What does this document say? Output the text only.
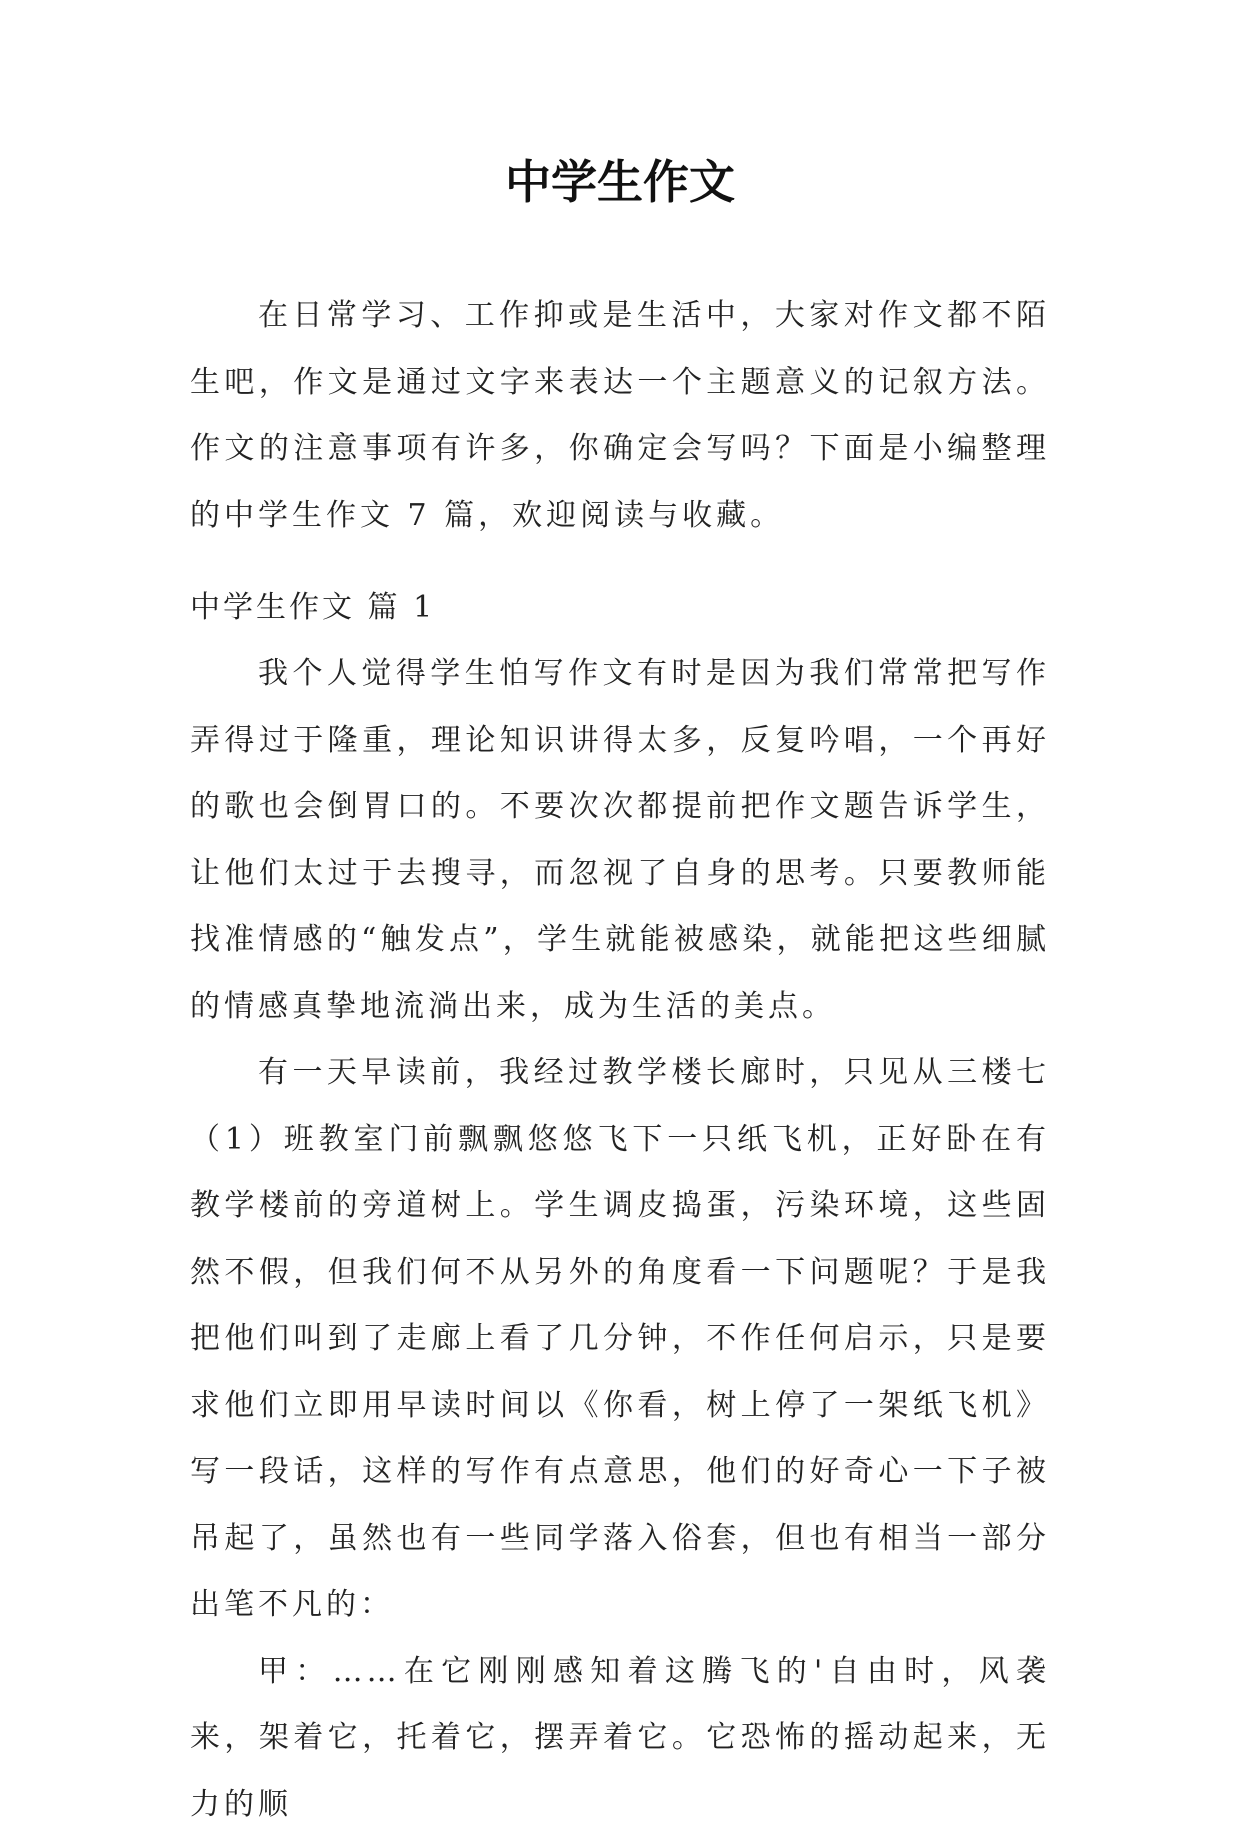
中学生作文

在日常学习、工作抑或是生活中，大家对作文都不陌生吧，作文是通过文字来表达一个主题意义的记叙方法。作文的注意事项有许多，你确定会写吗？下面是小编整理的中学生作文 7 篇，欢迎阅读与收藏。

中学生作文 篇 1

我个人觉得学生怕写作文有时是因为我们常常把写作弄得过于隆重，理论知识讲得太多，反复吟唱，一个再好的歌也会倒胃口的。不要次次都提前把作文题告诉学生，让他们太过于去搜寻，而忽视了自身的思考。只要教师能找准情感的“触发点”，学生就能被感染，就能把这些细腻的情感真挚地流淌出来，成为生活的美点。

有一天早读前，我经过教学楼长廊时，只见从三楼七（1）班教室门前飘飘悠悠飞下一只纸飞机，正好卧在有教学楼前的旁道树上。学生调皮捣蛋，污染环境，这些固然不假，但我们何不从另外的角度看一下问题呢？于是我把他们叫到了走廊上看了几分钟，不作任何启示，只是要求他们立即用早读时间以《你看，树上停了一架纸飞机》写一段话，这样的写作有点意思，他们的好奇心一下子被吊起了，虽然也有一些同学落入俗套，但也有相当一部分出笔不凡的：

甲：……在它刚刚感知着这腾飞的'自由时，风袭来，架着它，托着它，摆弄着它。它恐怖的摇动起来，无力的顺
